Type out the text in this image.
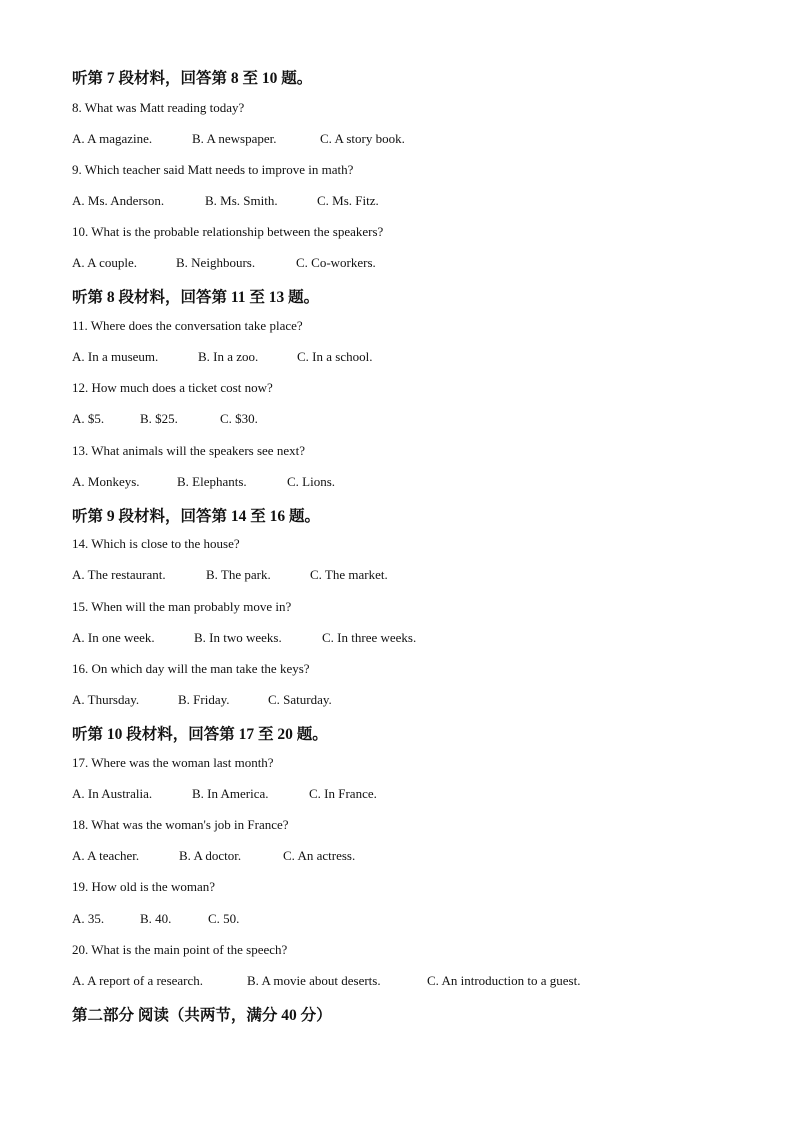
听第 7 段材料，回答第 8 至 10 题。
8. What was Matt reading today?
A. A magazine.	B. A newspaper.	C. A story book.
9. Which teacher said Matt needs to improve in math?
A. Ms. Anderson.	B. Ms. Smith.	C. Ms. Fitz.
10. What is the probable relationship between the speakers?
A. A couple.	B. Neighbours.	C. Co-workers.
听第 8 段材料，回答第 11 至 13 题。
11. Where does the conversation take place?
A. In a museum.	B. In a zoo.	C. In a school.
12. How much does a ticket cost now?
A. $5.	B. $25.	C. $30.
13. What animals will the speakers see next?
A. Monkeys.	B. Elephants.	C. Lions.
听第 9 段材料，回答第 14 至 16 题。
14. Which is close to the house?
A. The restaurant.	B. The park.	C. The market.
15. When will the man probably move in?
A. In one week.	B. In two weeks.	C. In three weeks.
16. On which day will the man take the keys?
A. Thursday.	B. Friday.	C. Saturday.
听第 10 段材料，回答第 17 至 20 题。
17. Where was the woman last month?
A. In Australia.	B. In America.	C. In France.
18. What was the woman's job in France?
A. A teacher.	B. A doctor.	C. An actress.
19. How old is the woman?
A. 35.	B. 40.	C. 50.
20. What is the main point of the speech?
A. A report of a research.	B. A movie about deserts.	C. An introduction to a guest.
第二部分 阅读（共两节，满分 40 分）
